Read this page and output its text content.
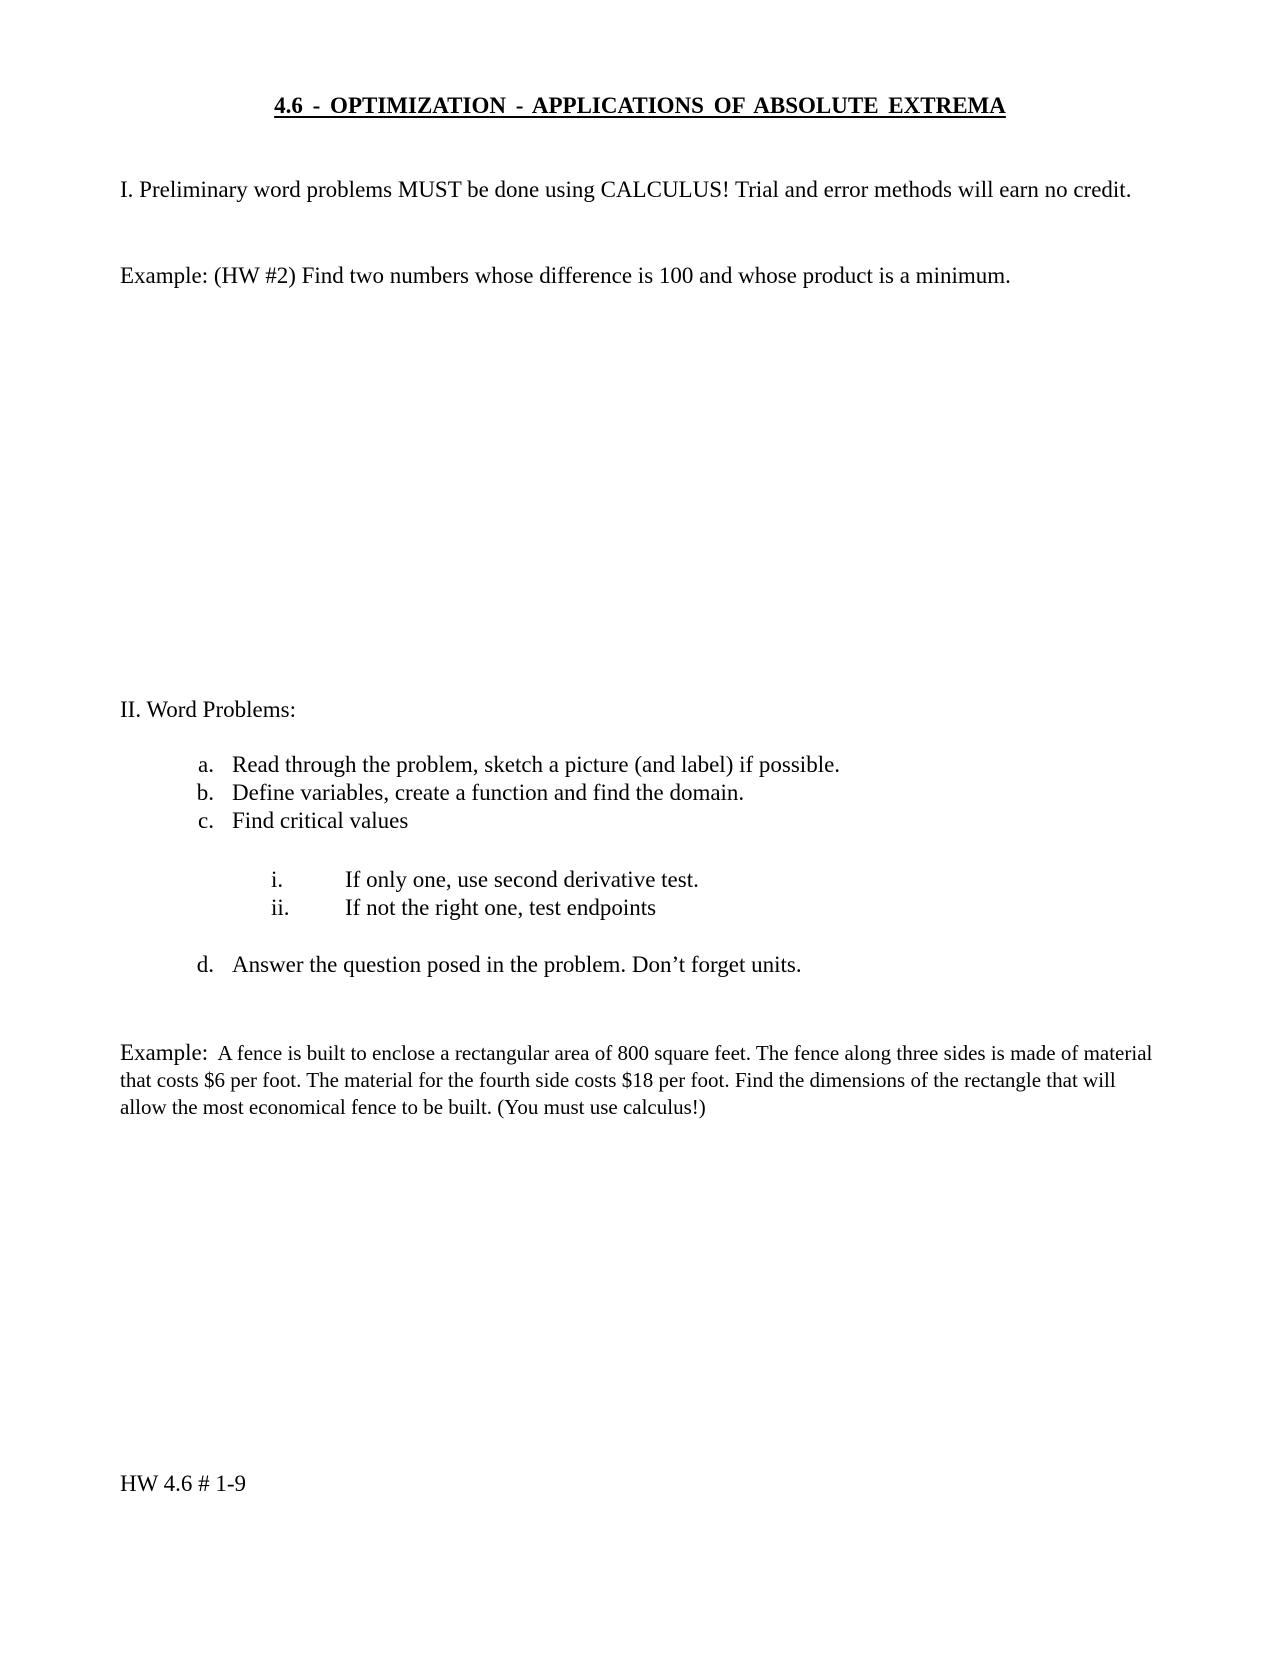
4.6 - OPTIMIZATION - APPLICATIONS OF ABSOLUTE EXTREMA
I. Preliminary word problems MUST be done using CALCULUS! Trial and error methods will earn no credit.
Example: (HW #2) Find two numbers whose difference is 100 and whose product is a minimum.
II. Word Problems:
a. Read through the problem, sketch a picture (and label) if possible.
b. Define variables, create a function and find the domain.
c. Find critical values
i.	If only one, use second derivative test.
ii. If not the right one, test endpoints
d. Answer the question posed in the problem. Don’t forget units.
Example: A fence is built to enclose a rectangular area of 800 square feet. The fence along three sides is made of material that costs $6 per foot. The material for the fourth side costs $18 per foot. Find the dimensions of the rectangle that will allow the most economical fence to be built. (You must use calculus!)
HW 4.6 # 1-9
